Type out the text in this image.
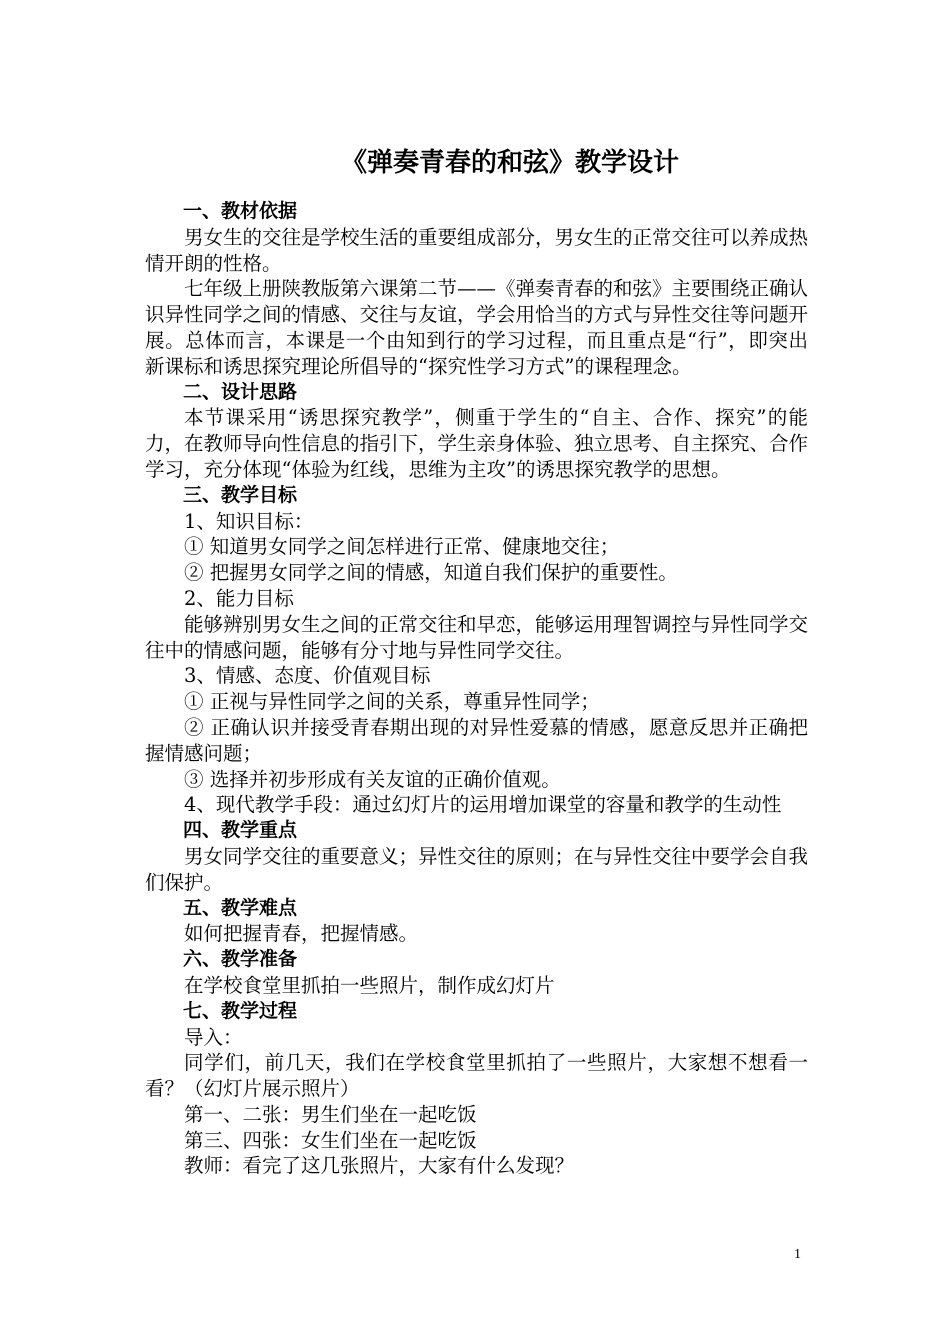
《弹奏青春的和弦》教学设计

一、教材依据

男女生的交往是学校生活的重要组成部分，男女生的正常交往可以养成热情开朗的性格。

七年级上册陕教版第六课第二节——《弹奏青春的和弦》主要围绕正确认识异性同学之间的情感、交往与友谊，学会用恰当的方式与异性交往等问题开展。总体而言，本课是一个由知到行的学习过程，而且重点是“行”，即突出新课标和诱思探究理论所倡导的“探究性学习方式”的课程理念。

二、设计思路

本节课采用“诱思探究教学”，侧重于学生的“自主、合作、探究”的能力，在教师导向性信息的指引下，学生亲身体验、独立思考、自主探究、合作学习，充分体现“体验为红线，思维为主攻”的诱思探究教学的思想。

三、教学目标

1、知识目标：

① 知道男女同学之间怎样进行正常、健康地交往；

② 把握男女同学之间的情感，知道自我们保护的重要性。

2、能力目标

能够辨别男女生之间的正常交往和早恋，能够运用理智调控与异性同学交往中的情感问题，能够有分寸地与异性同学交往。

3、情感、态度、价值观目标

① 正视与异性同学之间的关系，尊重异性同学；

② 正确认识并接受青春期出现的对异性爱慕的情感，愿意反思并正确把握情感问题；

③ 选择并初步形成有关友谊的正确价值观。

4、现代教学手段：通过幻灯片的运用增加课堂的容量和教学的生动性

四、教学重点

男女同学交往的重要意义；异性交往的原则；在与异性交往中要学会自我们保护。

五、教学难点

如何把握青春，把握情感。

六、教学准备

在学校食堂里抓拍一些照片，制作成幻灯片

七、教学过程

导入：

同学们，前几天，我们在学校食堂里抓拍了一些照片，大家想不想看一看？（幻灯片展示照片）

第一、二张：男生们坐在一起吃饭

第三、四张：女生们坐在一起吃饭

教师：看完了这几张照片，大家有什么发现？

1
